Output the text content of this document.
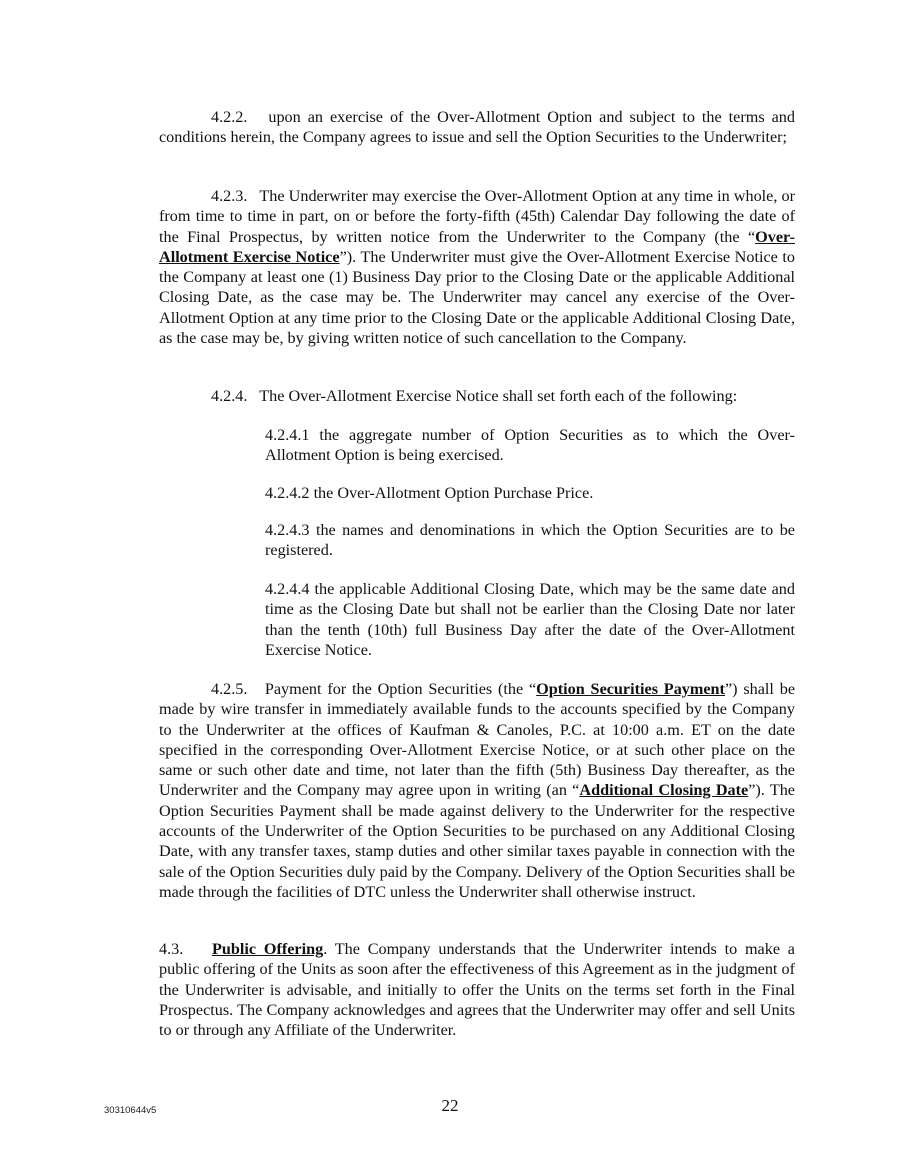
4.2.2. upon an exercise of the Over-Allotment Option and subject to the terms and conditions herein, the Company agrees to issue and sell the Option Securities to the Underwriter;

4.2.3. The Underwriter may exercise the Over-Allotment Option at any time in whole, or from time to time in part, on or before the forty-fifth (45th) Calendar Day following the date of the Final Prospectus, by written notice from the Underwriter to the Company (the “Over-Allotment Exercise Notice”). The Underwriter must give the Over-Allotment Exercise Notice to the Company at least one (1) Business Day prior to the Closing Date or the applicable Additional Closing Date, as the case may be. The Underwriter may cancel any exercise of the Over-Allotment Option at any time prior to the Closing Date or the applicable Additional Closing Date, as the case may be, by giving written notice of such cancellation to the Company.

4.2.4. The Over-Allotment Exercise Notice shall set forth each of the following:

4.2.4.1 the aggregate number of Option Securities as to which the Over-Allotment Option is being exercised.

4.2.4.2 the Over-Allotment Option Purchase Price.

4.2.4.3 the names and denominations in which the Option Securities are to be registered.

4.2.4.4 the applicable Additional Closing Date, which may be the same date and time as the Closing Date but shall not be earlier than the Closing Date nor later than the tenth (10th) full Business Day after the date of the Over-Allotment Exercise Notice.

4.2.5. Payment for the Option Securities (the “Option Securities Payment”) shall be made by wire transfer in immediately available funds to the accounts specified by the Company to the Underwriter at the offices of Kaufman & Canoles, P.C. at 10:00 a.m. ET on the date specified in the corresponding Over-Allotment Exercise Notice, or at such other place on the same or such other date and time, not later than the fifth (5th) Business Day thereafter, as the Underwriter and the Company may agree upon in writing (an “Additional Closing Date”). The Option Securities Payment shall be made against delivery to the Underwriter for the respective accounts of the Underwriter of the Option Securities to be purchased on any Additional Closing Date, with any transfer taxes, stamp duties and other similar taxes payable in connection with the sale of the Option Securities duly paid by the Company. Delivery of the Option Securities shall be made through the facilities of DTC unless the Underwriter shall otherwise instruct.

4.3. Public Offering. The Company understands that the Underwriter intends to make a public offering of the Units as soon after the effectiveness of this Agreement as in the judgment of the Underwriter is advisable, and initially to offer the Units on the terms set forth in the Final Prospectus. The Company acknowledges and agrees that the Underwriter may offer and sell Units to or through any Affiliate of the Underwriter.

30310644v5	22
